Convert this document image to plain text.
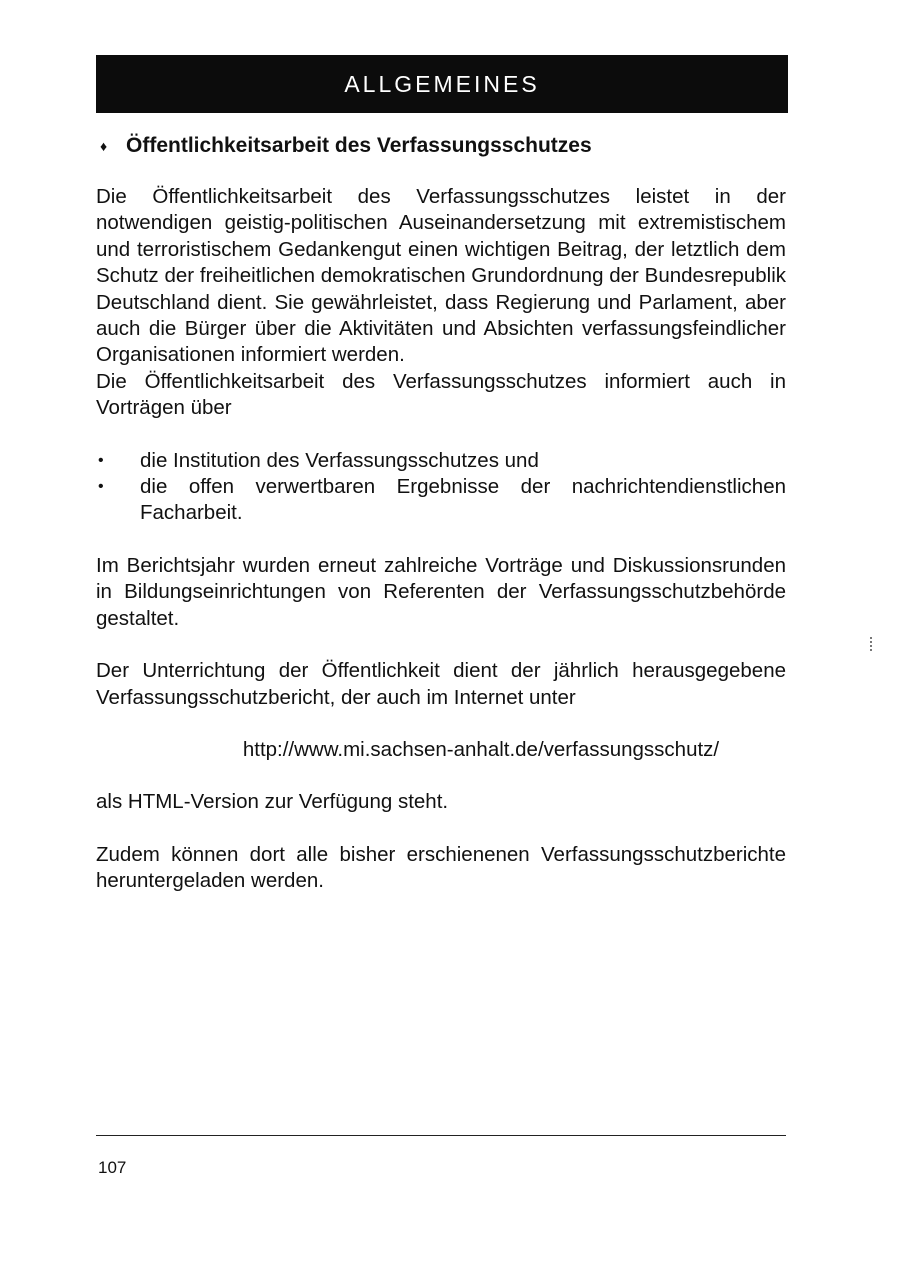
ALLGEMEINES
♦ Öffentlichkeitsarbeit des Verfassungsschutzes

Die Öffentlichkeitsarbeit des Verfassungsschutzes leistet in der notwendigen geistig-politischen Auseinandersetzung mit extremistischem und terroristischem Gedankengut einen wichtigen Beitrag, der letztlich dem Schutz der freiheitlichen demokratischen Grundordnung der Bundesrepublik Deutschland dient. Sie gewährleistet, dass Regierung und Parlament, aber auch die Bürger über die Aktivitäten und Absichten verfassungsfeindlicher Organisationen informiert werden.

Die Öffentlichkeitsarbeit des Verfassungsschutzes informiert auch in Vorträgen über

•	die Institution des Verfassungsschutzes und
•	die offen verwertbaren Ergebnisse der nachrichtendienstlichen Facharbeit.

Im Berichtsjahr wurden erneut zahlreiche Vorträge und Diskussionsrunden in Bildungseinrichtungen von Referenten der Verfassungsschutzbehörde gestaltet.

Der Unterrichtung der Öffentlichkeit dient der jährlich herausgegebene Verfassungsschutzbericht, der auch im Internet unter

http://www.mi.sachsen-anhalt.de/verfassungsschutz/

als HTML-Version zur Verfügung steht.

Zudem können dort alle bisher erschienenen Verfassungsschutzberichte heruntergeladen werden.

107
